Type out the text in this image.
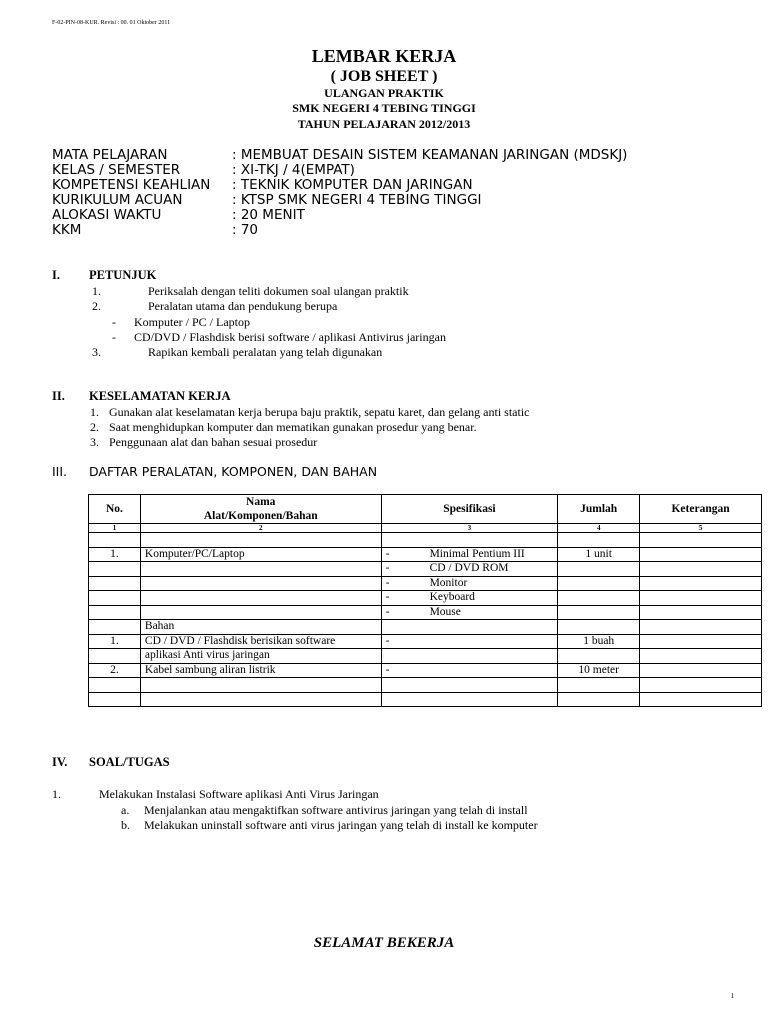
F-02-PIN-08-KUR. Revisi : 00. 01 Oktober 2011
LEMBAR KERJA
( JOB SHEET )
ULANGAN PRAKTIK
SMK NEGERI 4 TEBING TINGGI
TAHUN PELAJARAN 2012/2013
MATA PELAJARAN	: MEMBUAT DESAIN SISTEM KEAMANAN JARINGAN (MDSKJ)
KELAS / SEMESTER	: XI-TKJ / 4(EMPAT)
KOMPETENSI KEAHLIAN : TEKNIK KOMPUTER DAN JARINGAN
KURIKULUM ACUAN	: KTSP SMK NEGERI 4 TEBING TINGGI
ALOKASI WAKTU	: 20 MENIT
KKM	: 70
I. PETUNJUK
1.	Periksalah dengan teliti dokumen soal ulangan praktik
2.	Peralatan utama dan pendukung berupa
- Komputer / PC / Laptop
- CD/DVD / Flashdisk berisi software / aplikasi Antivirus jaringan
3.	Rapikan kembali peralatan yang telah digunakan
II. KESELAMATAN KERJA
1. Gunakan alat keselamatan kerja berupa baju praktik, sepatu karet, dan gelang anti static
2. Saat menghidupkan komputer dan mematikan gunakan prosedur yang benar.
3. Penggunaan alat dan bahan sesuai prosedur
III. DAFTAR PERALATAN, KOMPONEN, DAN BAHAN
No.	Nama
Alat/Komponen/Bahan	Spesifikasi	Jumlah	Keterangan
1	2	3	4	5

1.	Komputer/PC/Laptop	- Minimal Pentium III	1 unit	
		- CD / DVD ROM		
		- Monitor		
		- Keyboard		
		- Mouse		
	Bahan			
1.	CD / DVD / Flashdisk berisikan software	-	1 buah	
	aplikasi Anti virus jaringan			
2.	Kabel sambung aliran listrik	-	10 meter	

IV. SOAL/TUGAS
1.	Melakukan Instalasi Software aplikasi Anti Virus Jaringan
a. Menjalankan atau mengaktifkan software antivirus jaringan yang telah di install
b. Melakukan uninstall software anti virus jaringan yang telah di install ke komputer
SELAMAT BEKERJA
1
